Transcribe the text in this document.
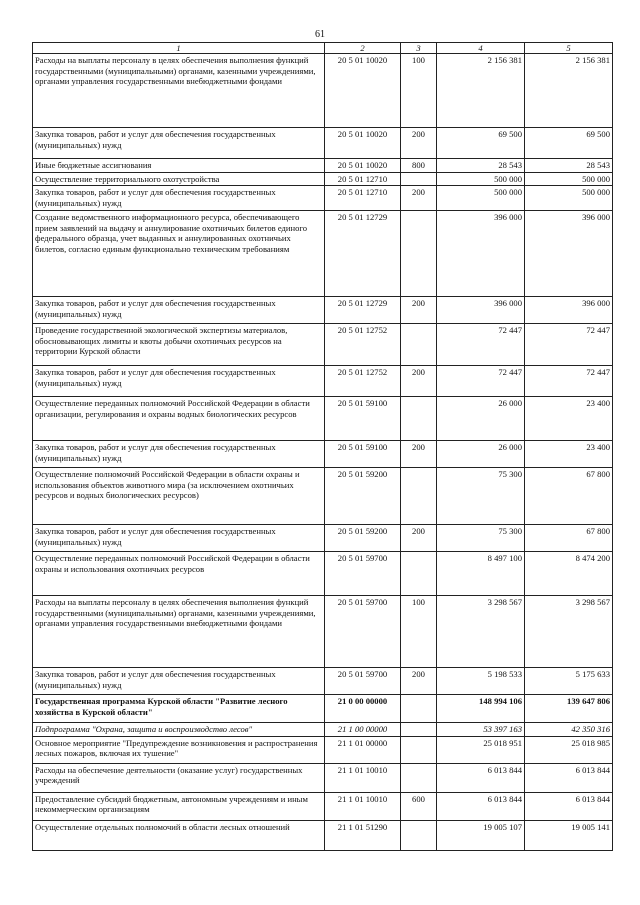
61
1	2	3	4	5
Расходы на выплаты персоналу в целях обеспечения выполнения функций государственными (муниципальными) органами, казенными учреждениями, органами управления государственными внебюджетными фондами	20 5 01 10020	100	2 156 381	2 156 381
Закупка товаров, работ и услуг для обеспечения государственных (муниципальных) нужд	20 5 01 10020	200	69 500	69 500
Иные бюджетные ассигнования	20 5 01 10020	800	28 543	28 543
Осуществление территориального охотустройства	20 5 01 12710		500 000	500 000
Закупка товаров, работ и услуг для обеспечения государственных (муниципальных) нужд	20 5 01 12710	200	500 000	500 000
Создание ведомственного информационного ресурса, обеспечивающего прием заявлений на выдачу и аннулирование охотничьих билетов единого федерального образца, учет выданных и аннулированных охотничьих билетов, согласно единым функционально техническим требованиям	20 5 01 12729		396 000	396 000
Закупка товаров, работ и услуг для обеспечения государственных (муниципальных) нужд	20 5 01 12729	200	396 000	396 000
Проведение государственной экологической экспертизы материалов, обосновывающих лимиты и квоты добычи охотничьих ресурсов на территории Курской области	20 5 01 12752		72 447	72 447
Закупка товаров, работ и услуг для обеспечения государственных (муниципальных) нужд	20 5 01 12752	200	72 447	72 447
Осуществление переданных полномочий Российской Федерации в области организации, регулирования и охраны водных биологических ресурсов	20 5 01 59100		26 000	23 400
Закупка товаров, работ и услуг для обеспечения государственных (муниципальных) нужд	20 5 01 59100	200	26 000	23 400
Осуществление полномочий Российской Федерации в области охраны и использования объектов животного мира (за исключением охотничьих ресурсов и водных биологических ресурсов)	20 5 01 59200		75 300	67 800
Закупка товаров, работ и услуг для обеспечения государственных (муниципальных) нужд	20 5 01 59200	200	75 300	67 800
Осуществление переданных полномочий Российской Федерации в области охраны и использования охотничьих ресурсов	20 5 01 59700		8 497 100	8 474 200
Расходы на выплаты персоналу в целях обеспечения выполнения функций государственными (муниципальными) органами, казенными учреждениями, органами управления государственными внебюджетными фондами	20 5 01 59700	100	3 298 567	3 298 567
Закупка товаров, работ и услуг для обеспечения государственных (муниципальных) нужд	20 5 01 59700	200	5 198 533	5 175 633
Государственная программа Курской области "Развитие лесного хозяйства в Курской области"	21 0 00 00000		148 994 106	139 647 806
Подпрограмма "Охрана, защита и воспроизводство лесов"	21 1 00 00000		53 397 163	42 350 316
Основное мероприятие "Предупреждение возникновения и распространения лесных пожаров, включая их тушение"	21 1 01 00000		25 018 951	25 018 985
Расходы на обеспечение деятельности (оказание услуг) государственных учреждений	21 1 01 10010		6 013 844	6 013 844
Предоставление субсидий бюджетным, автономным учреждениям и иным некоммерческим организациям	21 1 01 10010	600	6 013 844	6 013 844
Осуществление отдельных полномочий в области лесных отношений	21 1 01 51290		19 005 107	19 005 141
